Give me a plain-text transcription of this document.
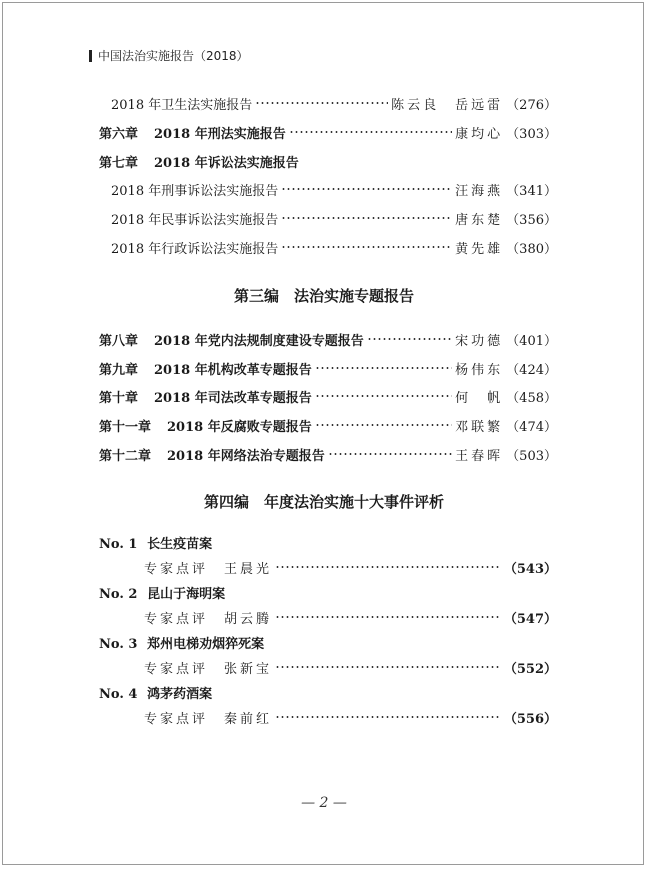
中国法治实施报告（2018）
2018 年卫生法实施报告	陈云良　岳远雷 （276）
第六章 2018 年刑法实施报告	康均心 （303）
第七章 2018 年诉讼法实施报告
2018 年刑事诉讼法实施报告	汪海燕 （341）
2018 年民事诉讼法实施报告	唐东楚 （356）
2018 年行政诉讼法实施报告	黄先雄 （380）
第三编　法治实施专题报告
第八章 2018 年党内法规制度建设专题报告	宋功德 （401）
第九章 2018 年机构改革专题报告	杨伟东 （424）
第十章 2018 年司法改革专题报告	何　帆 （458）
第十一章 2018 年反腐败专题报告	邓联繁 （474）
第十二章 2018 年网络法治专题报告	王春晖 （503）
第四编　年度法治实施十大事件评析
No. 1 长生疫苗案
专家点评 王晨光	（543）
No. 2 昆山于海明案
专家点评 胡云腾	（547）
No. 3 郑州电梯劝烟猝死案
专家点评 张新宝	（552）
No. 4 鸿茅药酒案
专家点评 秦前红	（556）
— 2 —
